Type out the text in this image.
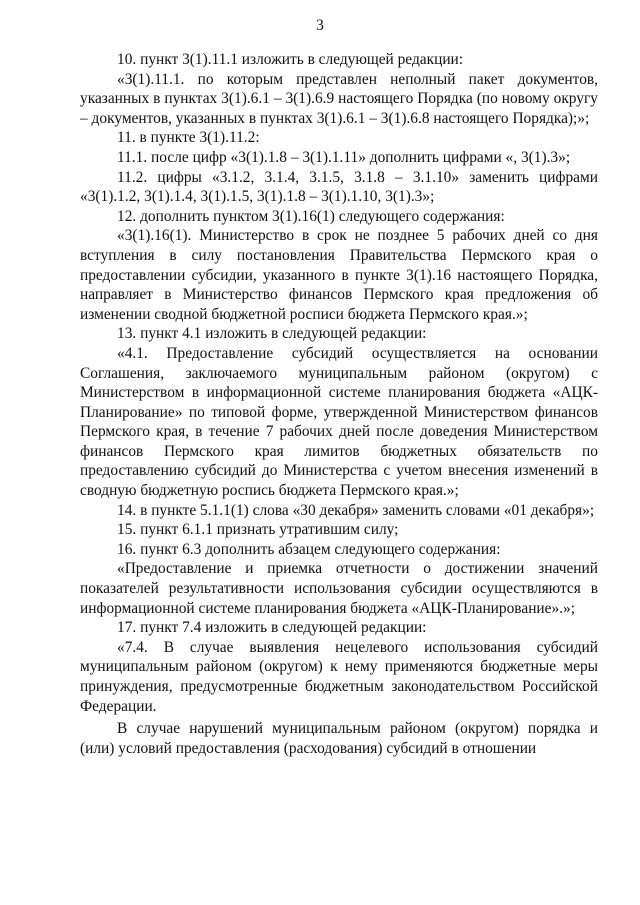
3

10. пункт 3(1).11.1 изложить в следующей редакции:

«3(1).11.1. по которым представлен неполный пакет документов, указанных в пунктах 3(1).6.1 – 3(1).6.9 настоящего Порядка (по новому округу – документов, указанных в пунктах 3(1).6.1 – 3(1).6.8 настоящего Порядка);»;

11. в пункте 3(1).11.2:

11.1. после цифр «3(1).1.8 – 3(1).1.11» дополнить цифрами «, 3(1).3»;

11.2. цифры «3.1.2, 3.1.4, 3.1.5, 3.1.8 – 3.1.10» заменить цифрами «3(1).1.2, 3(1).1.4, 3(1).1.5, 3(1).1.8 – 3(1).1.10, 3(1).3»;

12. дополнить пунктом 3(1).16(1) следующего содержания:

«3(1).16(1). Министерство в срок не позднее 5 рабочих дней со дня вступления в силу постановления Правительства Пермского края о предоставлении субсидии, указанного в пункте 3(1).16 настоящего Порядка, направляет в Министерство финансов Пермского края предложения об изменении сводной бюджетной росписи бюджета Пермского края.»;

13. пункт 4.1 изложить в следующей редакции:

«4.1. Предоставление субсидий осуществляется на основании Соглашения, заключаемого муниципальным районом (округом) с Министерством в информационной системе планирования бюджета «АЦК-Планирование» по типовой форме, утвержденной Министерством финансов Пермского края, в течение 7 рабочих дней после доведения Министерством финансов Пермского края лимитов бюджетных обязательств по предоставлению субсидий до Министерства с учетом внесения изменений в сводную бюджетную роспись бюджета Пермского края.»;

14. в пункте 5.1.1(1) слова «30 декабря» заменить словами «01 декабря»;

15. пункт 6.1.1 признать утратившим силу;

16. пункт 6.3 дополнить абзацем следующего содержания:

«Предоставление и приемка отчетности о достижении значений показателей результативности использования субсидии осуществляются в информационной системе планирования бюджета «АЦК-Планирование».»;

17. пункт 7.4 изложить в следующей редакции:

«7.4. В случае выявления нецелевого использования субсидий муниципальным районом (округом) к нему применяются бюджетные меры принуждения, предусмотренные бюджетным законодательством Российской Федерации.

В случае нарушений муниципальным районом (округом) порядка и (или) условий предоставления (расходования) субсидий в отношении
